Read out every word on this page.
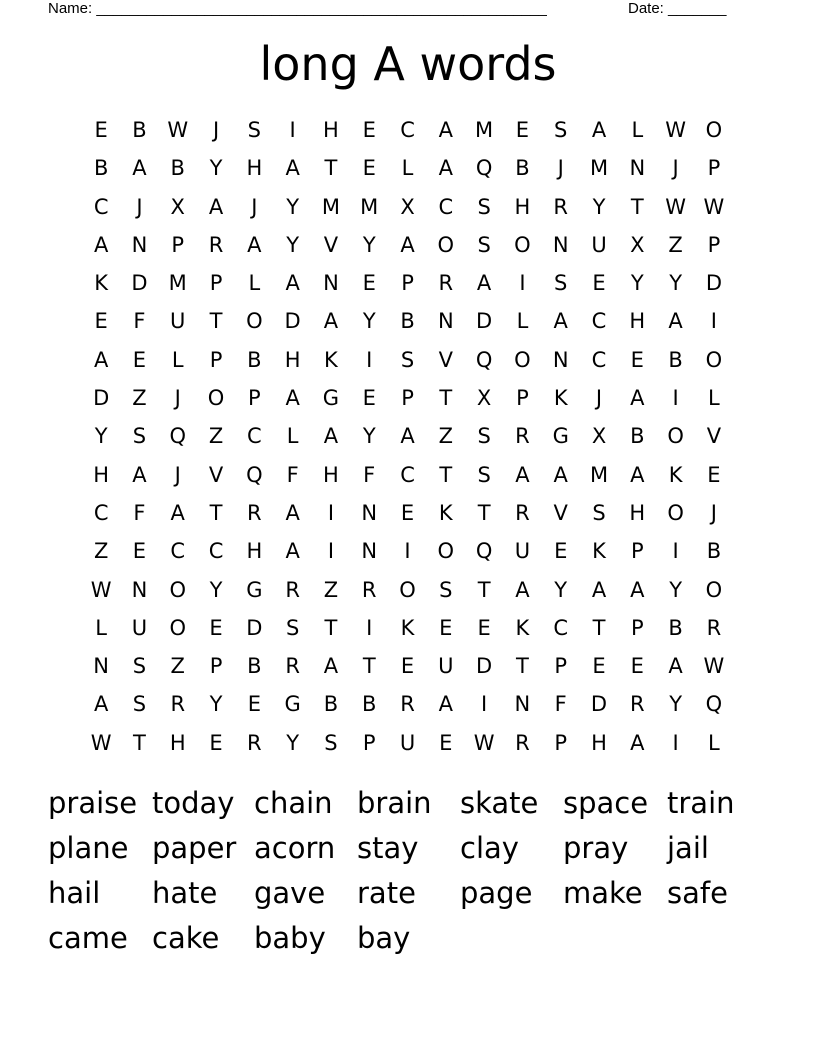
Name: ______________________________________________________	Date: _______
long A words
E	B W	J	S	I	H	E	C	A	M	E	S	A	L	W O
B	A	B	Y	H	A	T	E	L	A	Q	B	J	M	N	J	P
C	J	X	A	J	Y	M M	X	C	S	H	R	Y	T	W W
A	N	P	R	A	Y	V	Y	A	O	S	O	N	U	X	Z	P
K	D	M	P	L	A	N	E	P	R	A	I	S	E	Y	Y	D
E	F	U	T	O	D	A	Y	B	N	D	L	A	C	H	A	I
A	E	L	P	B	H	K	I	S	V	Q	O	N	C	E	B	O
D	Z	J	O	P	A	G	E	P	T	X	P	K	J	A	I	L
Y	S	Q	Z	C	L	A	Y	A	Z	S	R	G	X	B	O	V
H	A	J	V	Q	F	H	F	C	T	S	A	A	M	A	K	E
C	F	A	T	R	A	I	N	E	K	T	R	V	S	H	O	J
Z	E	C	C	H	A	I	N	I	O	Q	U	E	K	P	I	B
W N	O	Y	G	R	Z	R	O	S	T	A	Y	A	A	Y	O
L	U	O	E	D	S	T	I	K	E	E	K	C	T	P	B	R
N	S	Z	P	B	R	A	T	E	U	D	T	P	E	E	A W
A	S	R	Y	E	G	B	B	R	A	I	N	F	D	R	Y	Q
W	T	H	E	R	Y	S	P	U	E	W R	P	H	A	I	L
praise today chain brain skate space train
plane paper acorn stay	clay	pray	jail
hail	hate	gave	rate	page	make safe
came cake	baby	bay
